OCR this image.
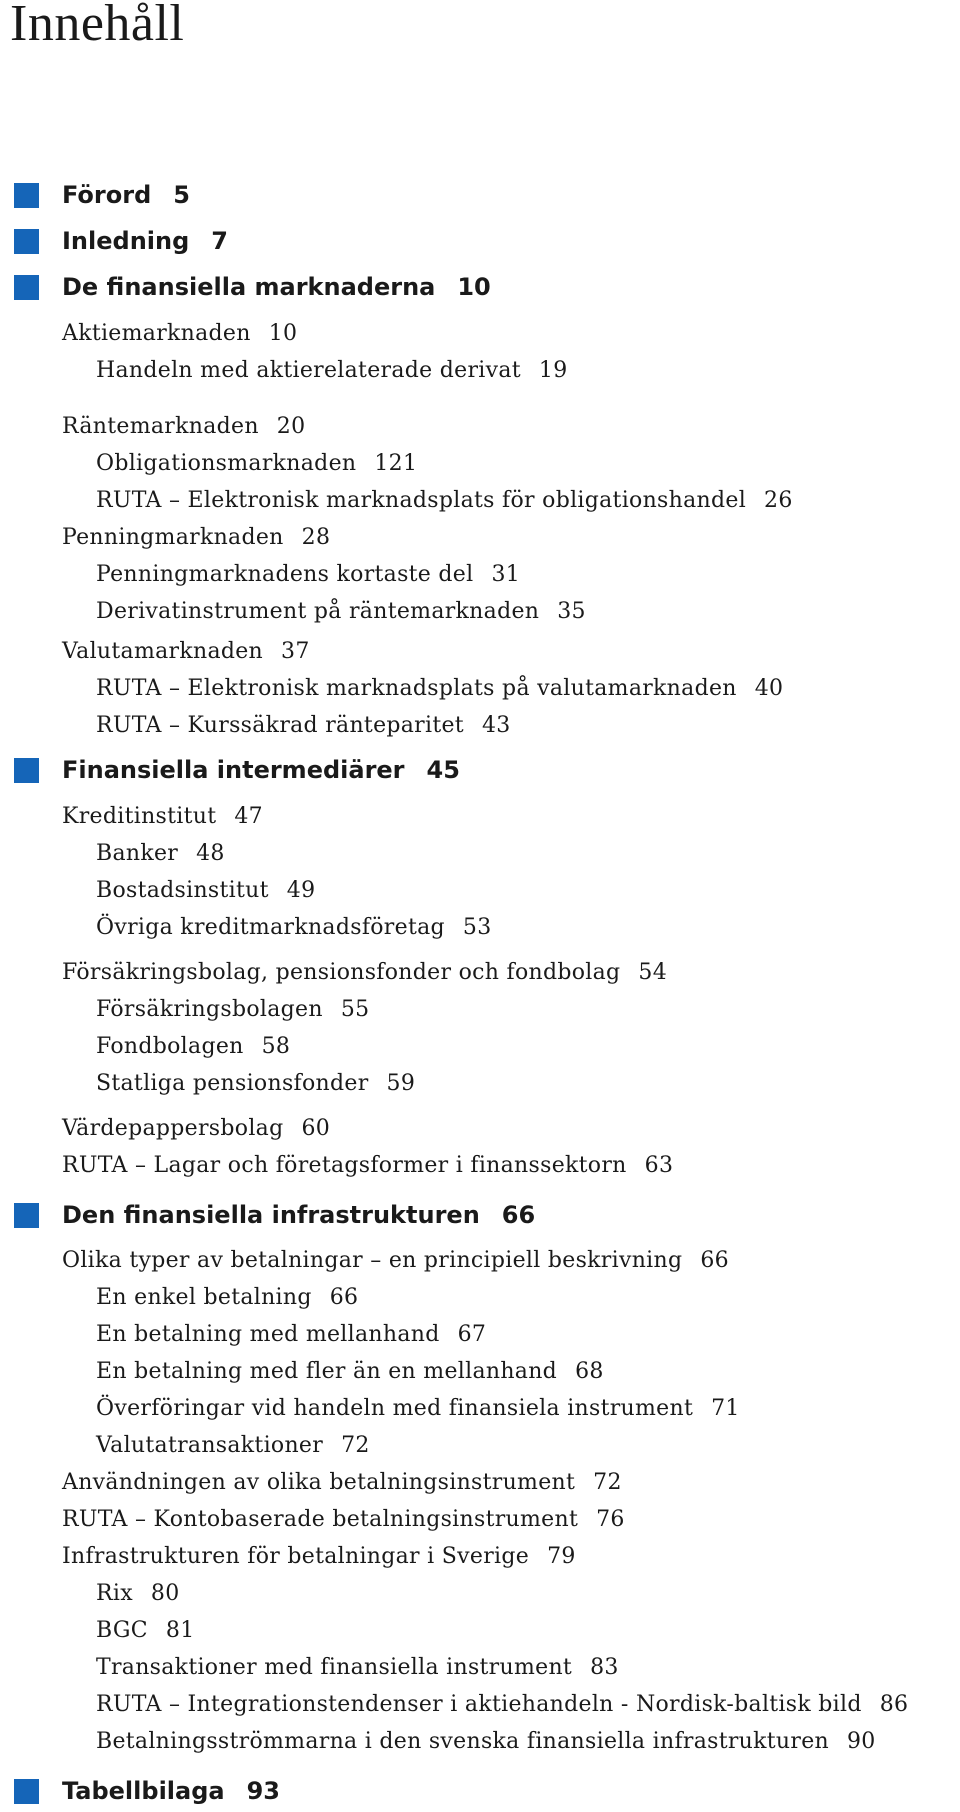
Innehåll
Förord 5
Inledning 7
De finansiella marknaderna 10
Aktiemarknaden 10
Handeln med aktierelaterade derivat 19
Räntemarknaden 20
Obligationsmarknaden 121
RUTA – Elektronisk marknadsplats för obligationshandel 26
Penningmarknaden 28
Penningmarknadens kortaste del 31
Derivatinstrument på räntemarknaden 35
Valutamarknaden 37
RUTA – Elektronisk marknadsplats på valutamarknaden 40
RUTA – Kurssäkrad ränteparitet 43
Finansiella intermediärer 45
Kreditinstitut 47
Banker 48
Bostadsinstitut 49
Övriga kreditmarknadsföretag 53
Försäkringsbolag, pensionsfonder och fondbolag 54
Försäkringsbolagen 55
Fondbolagen 58
Statliga pensionsfonder 59
Värdepappersbolag 60
RUTA – Lagar och företagsformer i finanssektorn 63
Den finansiella infrastrukturen 66
Olika typer av betalningar – en principiell beskrivning 66
En enkel betalning 66
En betalning med mellanhand 67
En betalning med fler än en mellanhand 68
Överföringar vid handeln med finansiela instrument 71
Valutatransaktioner 72
Användningen av olika betalningsinstrument 72
RUTA – Kontobaserade betalningsinstrument 76
Infrastrukturen för betalningar i Sverige 79
Rix 80
BGC 81
Transaktioner med finansiella instrument 83
RUTA – Integrationstendenser i aktiehandeln - Nordisk-baltisk bild 86
Betalningsströmmarna i den svenska finansiella infrastrukturen 90
Tabellbilaga 93
